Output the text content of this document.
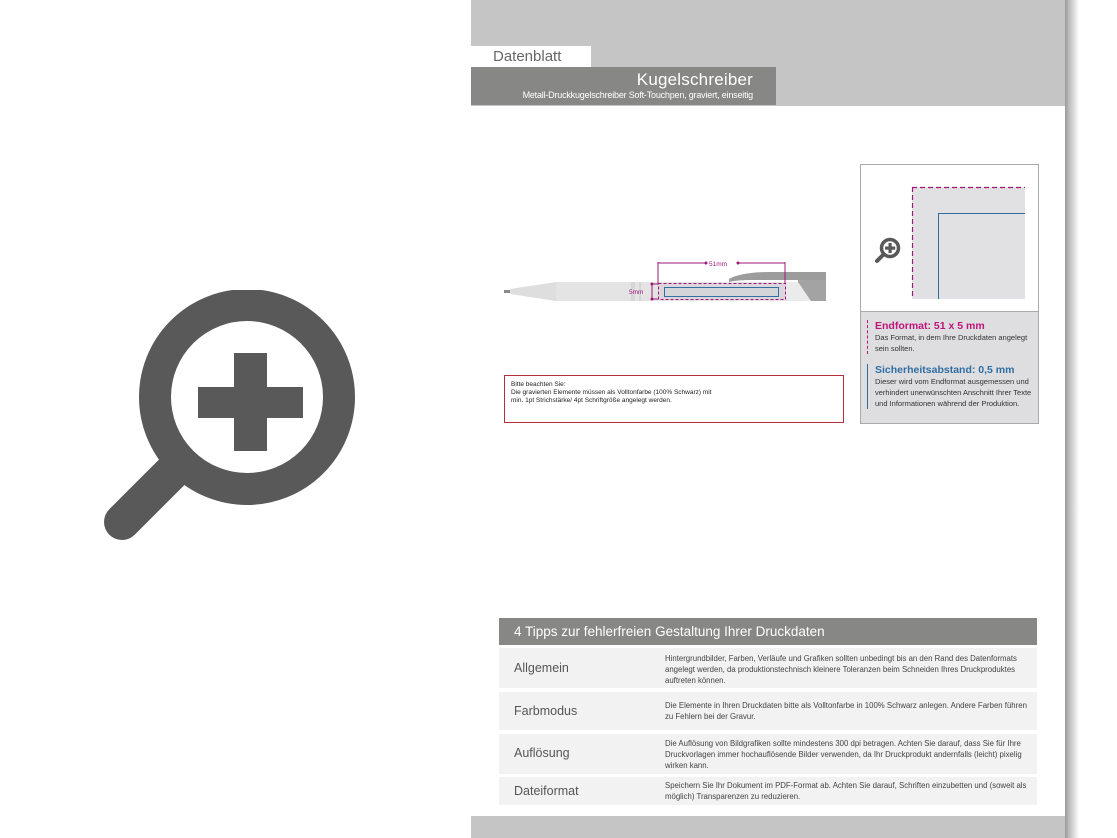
Datenblatt
Kugelschreiber
Metall-Druckkugelschreiber Soft-Touchpen, graviert, einseitig
51mm
5mm
Bitte beachten Sie:
Die gravierten Elemente müssen als Volltonfarbe (100% Schwarz) mit
min. 1pt Strichstärke/ 4pt Schriftgröße angelegt werden.
Endformat: 51 x 5 mm
Das Format, in dem Ihre Druckdaten angelegt sein sollten.
Sicherheitsabstand: 0,5 mm
Dieser wird vom Endformat ausgemessen und verhindert unerwünschten Anschnitt Ihrer Texte und Informationen während der Produktion.
4 Tipps zur fehlerfreien Gestaltung Ihrer Druckdaten
Allgemein
Hintergrundbilder, Farben, Verläufe und Grafiken sollten unbedingt bis an den Rand des Datenformats angelegt werden, da produktionstechnisch kleinere Toleranzen beim Schneiden Ihres Druckproduktes auftreten können.
Farbmodus	Die Elemente in Ihren Druckdaten bitte als Volltonfarbe in 100% Schwarz anlegen. Andere Farben führen zu Fehlern bei der Gravur.
Auflösung
Die Auflösung von Bildgrafiken sollte mindestens 300 dpi betragen. Achten Sie darauf, dass Sie für Ihre Druckvorlagen immer hochauflösende Bilder verwenden, da Ihr Druckprodukt andernfalls (leicht) pixelig wirken kann.
Dateiformat	Speichern Sie Ihr Dokument im PDF-Format ab. Achten Sie darauf, Schriften einzubetten und (soweit als möglich) Transparenzen zu reduzieren.
